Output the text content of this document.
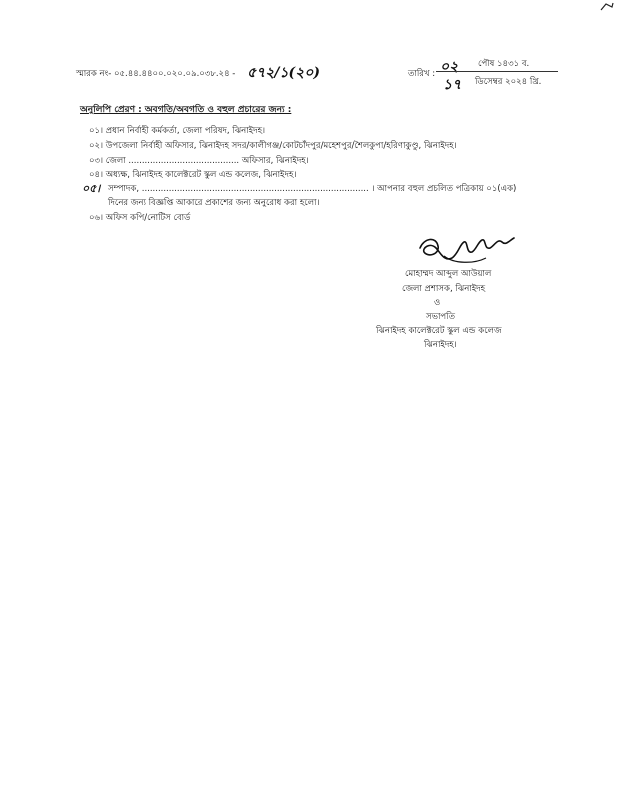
স্মারক নং- ০৫.৪৪.৪৪০০.০২০.০৯.০৩৮.২৪ - ৫৭২/১(২০)	তারিখ : ০২ পৌষ ১৪৩১ ব.
১৭ ডিসেম্বর ২০২৪ খ্রি.
অনুলিপি প্রেরণ : অবগতি/অবগতি ও বহুল প্রচারের জন্য :
০১। প্রধান নির্বাহী কর্মকর্তা, জেলা পরিষদ, ঝিনাইদহ।
০২। উপজেলা নির্বাহী অফিসার, ঝিনাইদহ সদর/কালীগঞ্জ/কোটচাঁদপুর/মহেশপুর/শৈলকুপা/হরিণাকুণ্ডু, ঝিনাইদহ।
০৩। জেলা ......................................... অফিসার, ঝিনাইদহ।
০৪। অধ্যক্ষ, ঝিনাইদহ কালেক্টরেট স্কুল এন্ড কলেজ, ঝিনাইদহ।
০৫। সম্পাদক, .................................................................................... । আপনার বহুল প্রচলিত পত্রিকায় ০১(এক)
দিনের জন্য বিজ্ঞপ্তি আকারে প্রকাশের জন্য অনুরোধ করা হলো।
০৬। অফিস কপি/নোটিস বোর্ড
মোহাম্মদ আব্দুল আউয়াল
জেলা প্রশাসক, ঝিনাইদহ
ও
সভাপতি
ঝিনাইদহ কালেক্টরেট স্কুল এন্ড কলেজ
ঝিনাইদহ।
